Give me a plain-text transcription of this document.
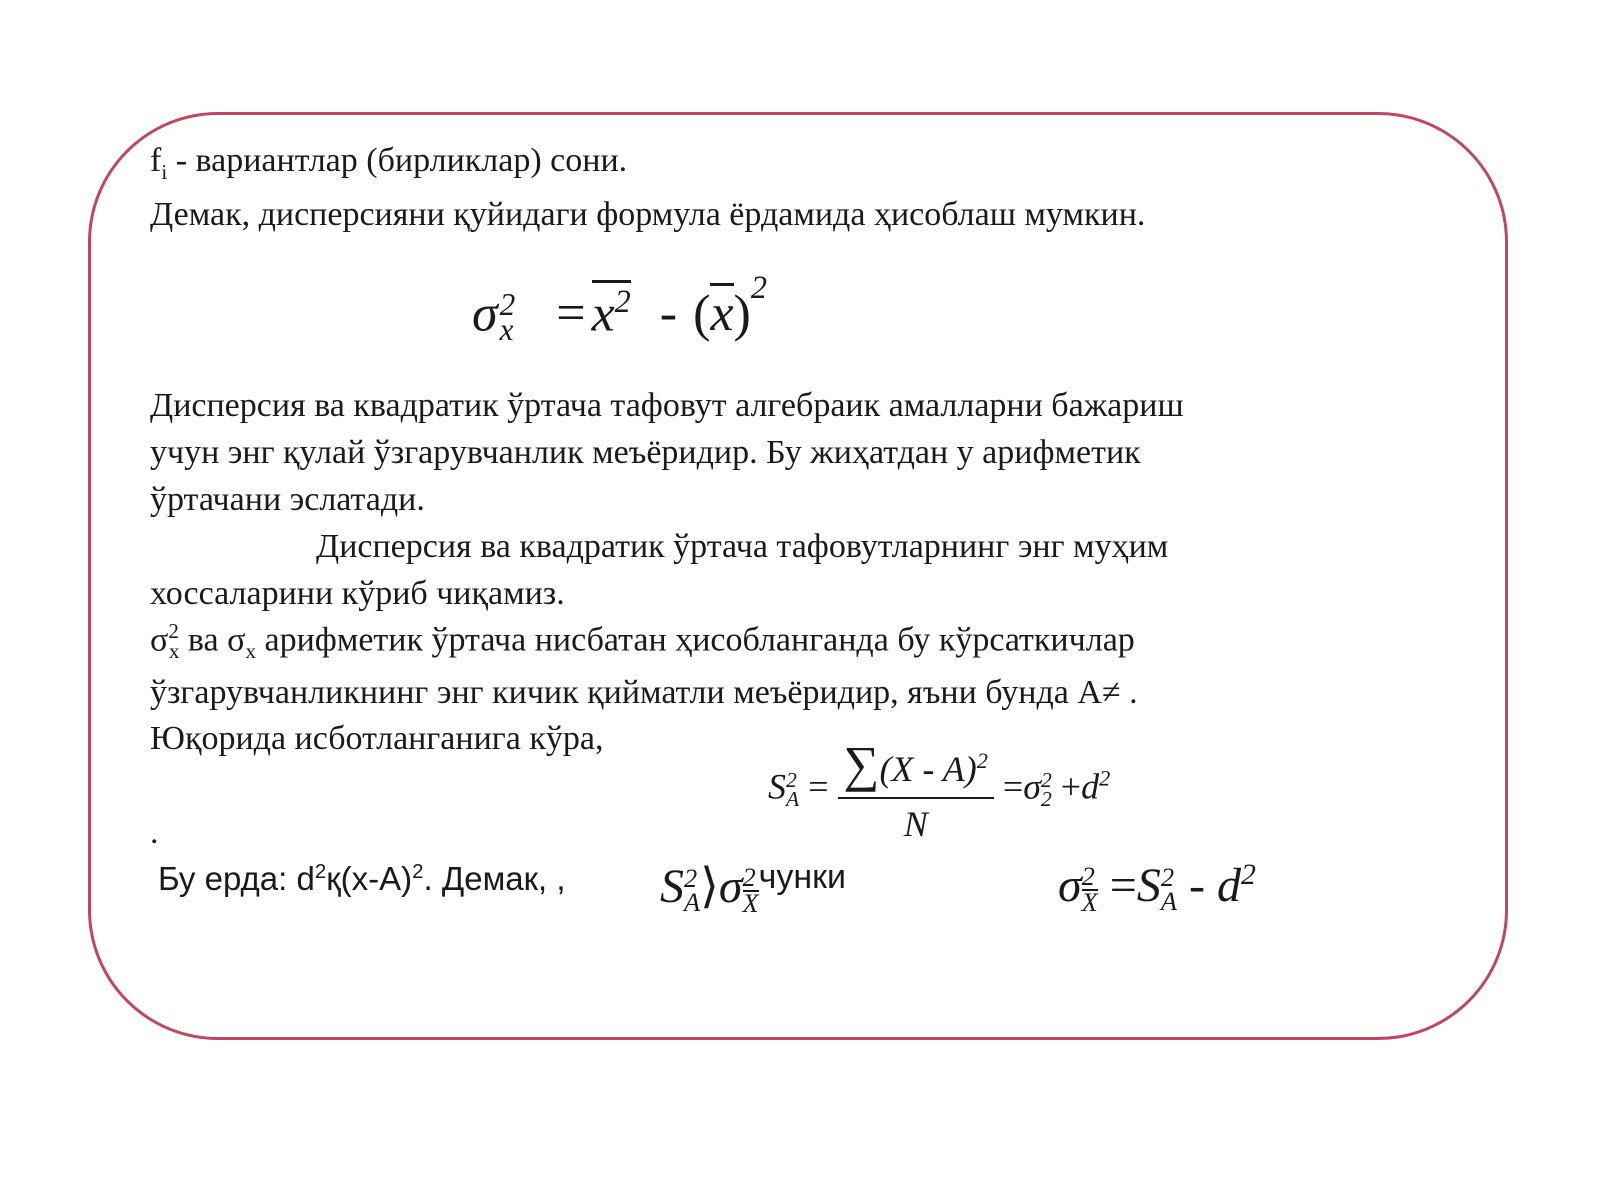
$f_i$ - вариантлар (бирликлар) сони.
Демак, дисперсияни қуйидаги формула ёрдамида ҳисоблаш мумкин.
σ 2
$x = x^2 - (x)^2$
Дисперсия ва квадратик ўртача тафовут алгебраик амалларни бажариш
учун энг қулай ўзгарувчанлик меъёридир. Бу жиҳатдан у арифметик
ўртачани эслатади.
Дисперсия ва квадратик ўртача тафовутларнинг энг муҳим
хоссаларини кўриб чиқамиз.
$\sigma^2_x$ ва $\sigma_x$ арифметик ўртача нисбатан ҳисобланганда бу кўрсаткичлар
ўзгарувчанликнинг энг кичик қийматли меъёридир, яъни бунда А≠ .
Юқорида исботланганига кўра,
S 2
$A = \frac{\sum(X - A)^2}{N} =\sigma$ 2
$2 +d^2$
.
Бу ерда: $d^2қ(x-A)^2$. Демак, , S 2
A ⟩σ $\frac{2}{X} ^{чунки}$	σ $\frac{2}{X} =S$ 2
A - $d^2$
